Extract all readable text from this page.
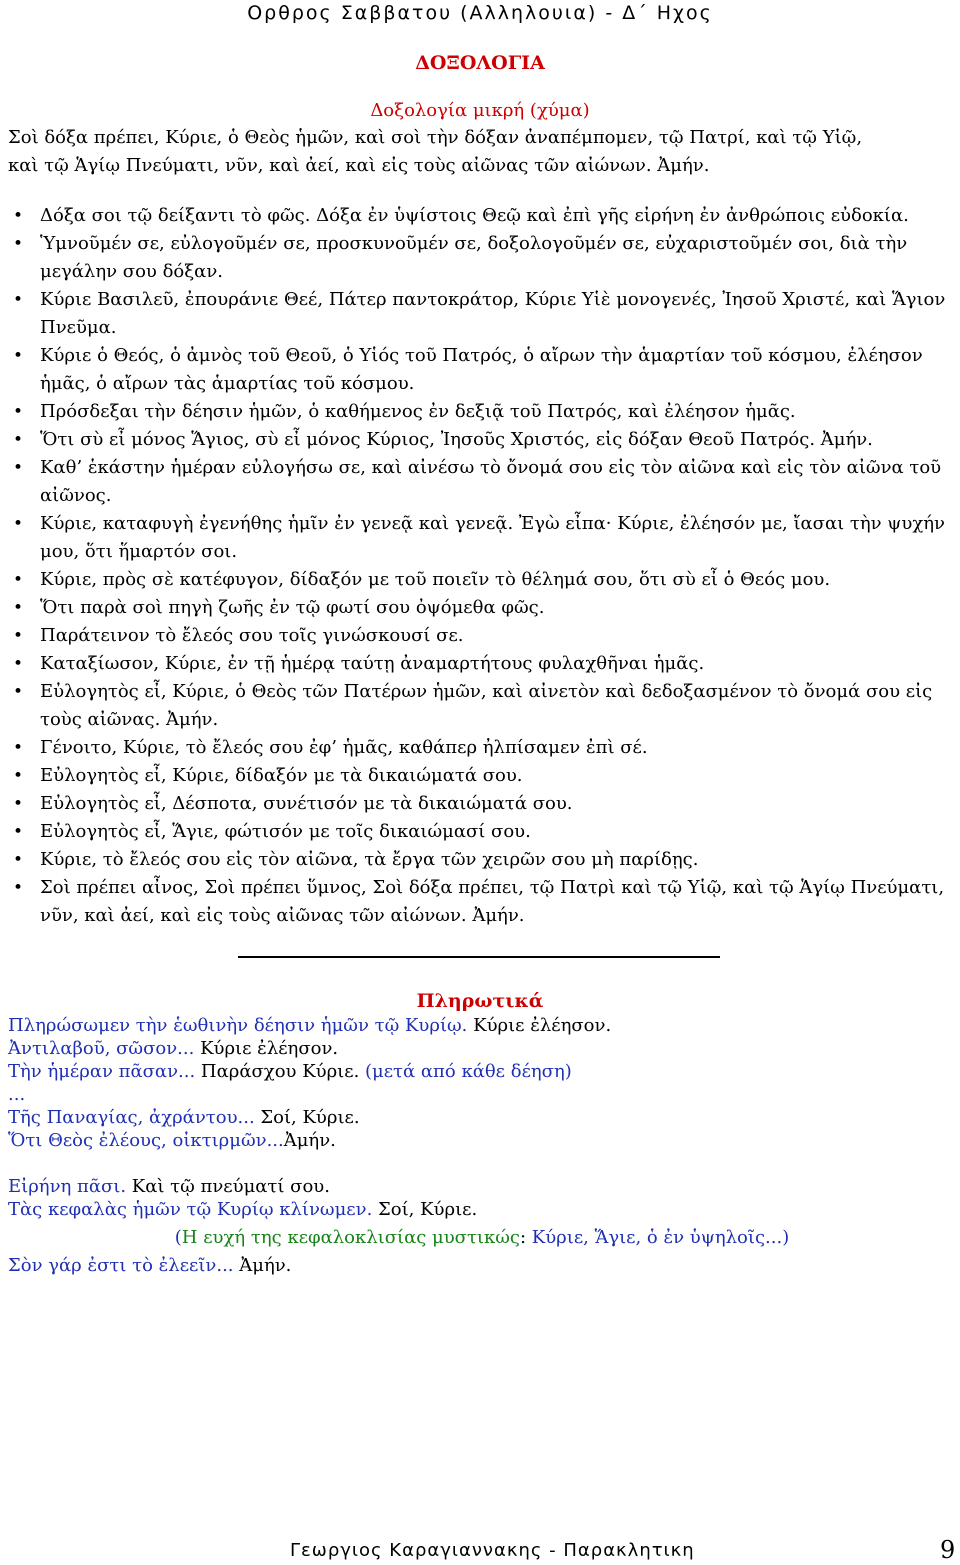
Ορθρος Σαββατου (Αλληλουια) - Δ΄ Ηχος
ΔΟΞΟΛΟΓΙΑ
Δοξολογία μικρή (χύμα)
Σοὶ δόξα πρέπει, Κύριε, ὁ Θεὸς ἡμῶν, καὶ σοὶ τὴν δόξαν ἀναπέμπομεν, τῷ Πατρί, καὶ τῷ Υἱῷ,
καὶ τῷ Ἁγίῳ Πνεύματι, νῦν, καὶ ἀεί, καὶ εἰς τοὺς αἰῶνας τῶν αἰώνων. Ἀμήν.
• Δόξα σοι τῷ δείξαντι τὸ φῶς. Δόξα ἐν ὑψίστοις Θεῷ καὶ ἐπὶ γῆς εἰρήνη ἐν ἀνθρώποις εὐδοκία.
• Ὑμνοῦμέν σε, εὐλογοῦμέν σε, προσκυνοῦμέν σε, δοξολογοῦμέν σε, εὐχαριστοῦμέν σοι, διὰ τὴν μεγάλην σου δόξαν.
• Κύριε Βασιλεῦ, ἐπουράνιε Θεέ, Πάτερ παντοκράτορ, Κύριε Υἱὲ μονογενές, Ἰησοῦ Χριστέ, καὶ Ἅγιον Πνεῦμα.
• Κύριε ὁ Θεός, ὁ ἀμνὸς τοῦ Θεοῦ, ὁ Υἱός τοῦ Πατρός, ὁ αἴρων τὴν ἁμαρτίαν τοῦ κόσμου, ἐλέησον ἡμᾶς, ὁ αἴρων τὰς ἁμαρτίας τοῦ κόσμου.
• Πρόσδεξαι τὴν δέησιν ἡμῶν, ὁ καθήμενος ἐν δεξιᾷ τοῦ Πατρός, καὶ ἐλέησον ἡμᾶς.
• Ὅτι σὺ εἶ μόνος Ἅγιος, σὺ εἶ μόνος Κύριος, Ἰησοῦς Χριστός, εἰς δόξαν Θεοῦ Πατρός. Ἀμήν.
• Καθ’ ἑκάστην ἡμέραν εὐλογήσω σε, καὶ αἰνέσω τὸ ὄνομά σου εἰς τὸν αἰῶνα καὶ εἰς τὸν αἰῶνα τοῦ αἰῶνος.
• Κύριε, καταφυγὴ ἐγενήθης ἡμῖν ἐν γενεᾷ καὶ γενεᾷ. Ἐγὼ εἶπα· Κύριε, ἐλέησόν με, ἴασαι τὴν ψυχήν μου, ὅτι ἥμαρτόν σοι.
• Κύριε, πρὸς σὲ κατέφυγον, δίδαξόν με τοῦ ποιεῖν τὸ θέλημά σου, ὅτι σὺ εἶ ὁ Θεός μου.
• Ὅτι παρὰ σοὶ πηγὴ ζωῆς ἐν τῷ φωτί σου ὀψόμεθα φῶς.
• Παράτεινον τὸ ἔλεός σου τοῖς γινώσκουσί σε.
• Καταξίωσον, Κύριε, ἐν τῇ ἡμέρᾳ ταύτῃ ἀναμαρτήτους φυλαχθῆναι ἡμᾶς.
• Εὐλογητὸς εἶ, Κύριε, ὁ Θεὸς τῶν Πατέρων ἡμῶν, καὶ αἰνετὸν καὶ δεδοξασμένον τὸ ὄνομά σου εἰς τοὺς αἰῶνας. Ἀμήν.
• Γένοιτο, Κύριε, τὸ ἔλεός σου ἐφ’ ἡμᾶς, καθάπερ ἠλπίσαμεν ἐπὶ σέ.
• Εὐλογητὸς εἶ, Κύριε, δίδαξόν με τὰ δικαιώματά σου.
• Εὐλογητὸς εἶ, Δέσποτα, συνέτισόν με τὰ δικαιώματά σου.
• Εὐλογητὸς εἶ, Ἅγιε, φώτισόν με τοῖς δικαιώμασί σου.
• Κύριε, τὸ ἔλεός σου εἰς τὸν αἰῶνα, τὰ ἔργα τῶν χειρῶν σου μὴ παρίδῃς.
• Σοὶ πρέπει αἶνος, Σοὶ πρέπει ὕμνος, Σοὶ δόξα πρέπει, τῷ Πατρὶ καὶ τῷ Υἱῷ, καὶ τῷ Ἁγίῳ Πνεύματι, νῦν, καὶ ἀεί, καὶ εἰς τοὺς αἰῶνας τῶν αἰώνων. Ἀμήν.
Πληρωτικά
Πληρώσωμεν τὴν ἑωθινὴν δέησιν ἡμῶν τῷ Κυρίῳ. Κύριε ἐλέησον.
Ἀντιλαβοῦ, σῶσον... Κύριε ἐλέησον.
Τὴν ἡμέραν πᾶσαν... Παράσχου Κύριε. (μετά από κάθε δέηση)
...
Τῆς Παναγίας, ἀχράντου... Σοί, Κύριε.
Ὅτι Θεὸς ἐλέους, οἰκτιρμῶν...Ἀμήν.
Εἰρήνη πᾶσι. Καὶ τῷ πνεύματί σου.
Τὰς κεφαλὰς ἡμῶν τῷ Κυρίῳ κλίνωμεν. Σοί, Κύριε.
(Η ευχή της κεφαλοκλισίας μυστικώς: Κύριε, Ἅγιε, ὁ ἐν ὑψηλοῖς...)
Σὸν γάρ ἐστι τὸ ἐλεεῖν... Ἀμήν.
Γεωργιος Καραγιαννακης - Παρακλητικη	9
